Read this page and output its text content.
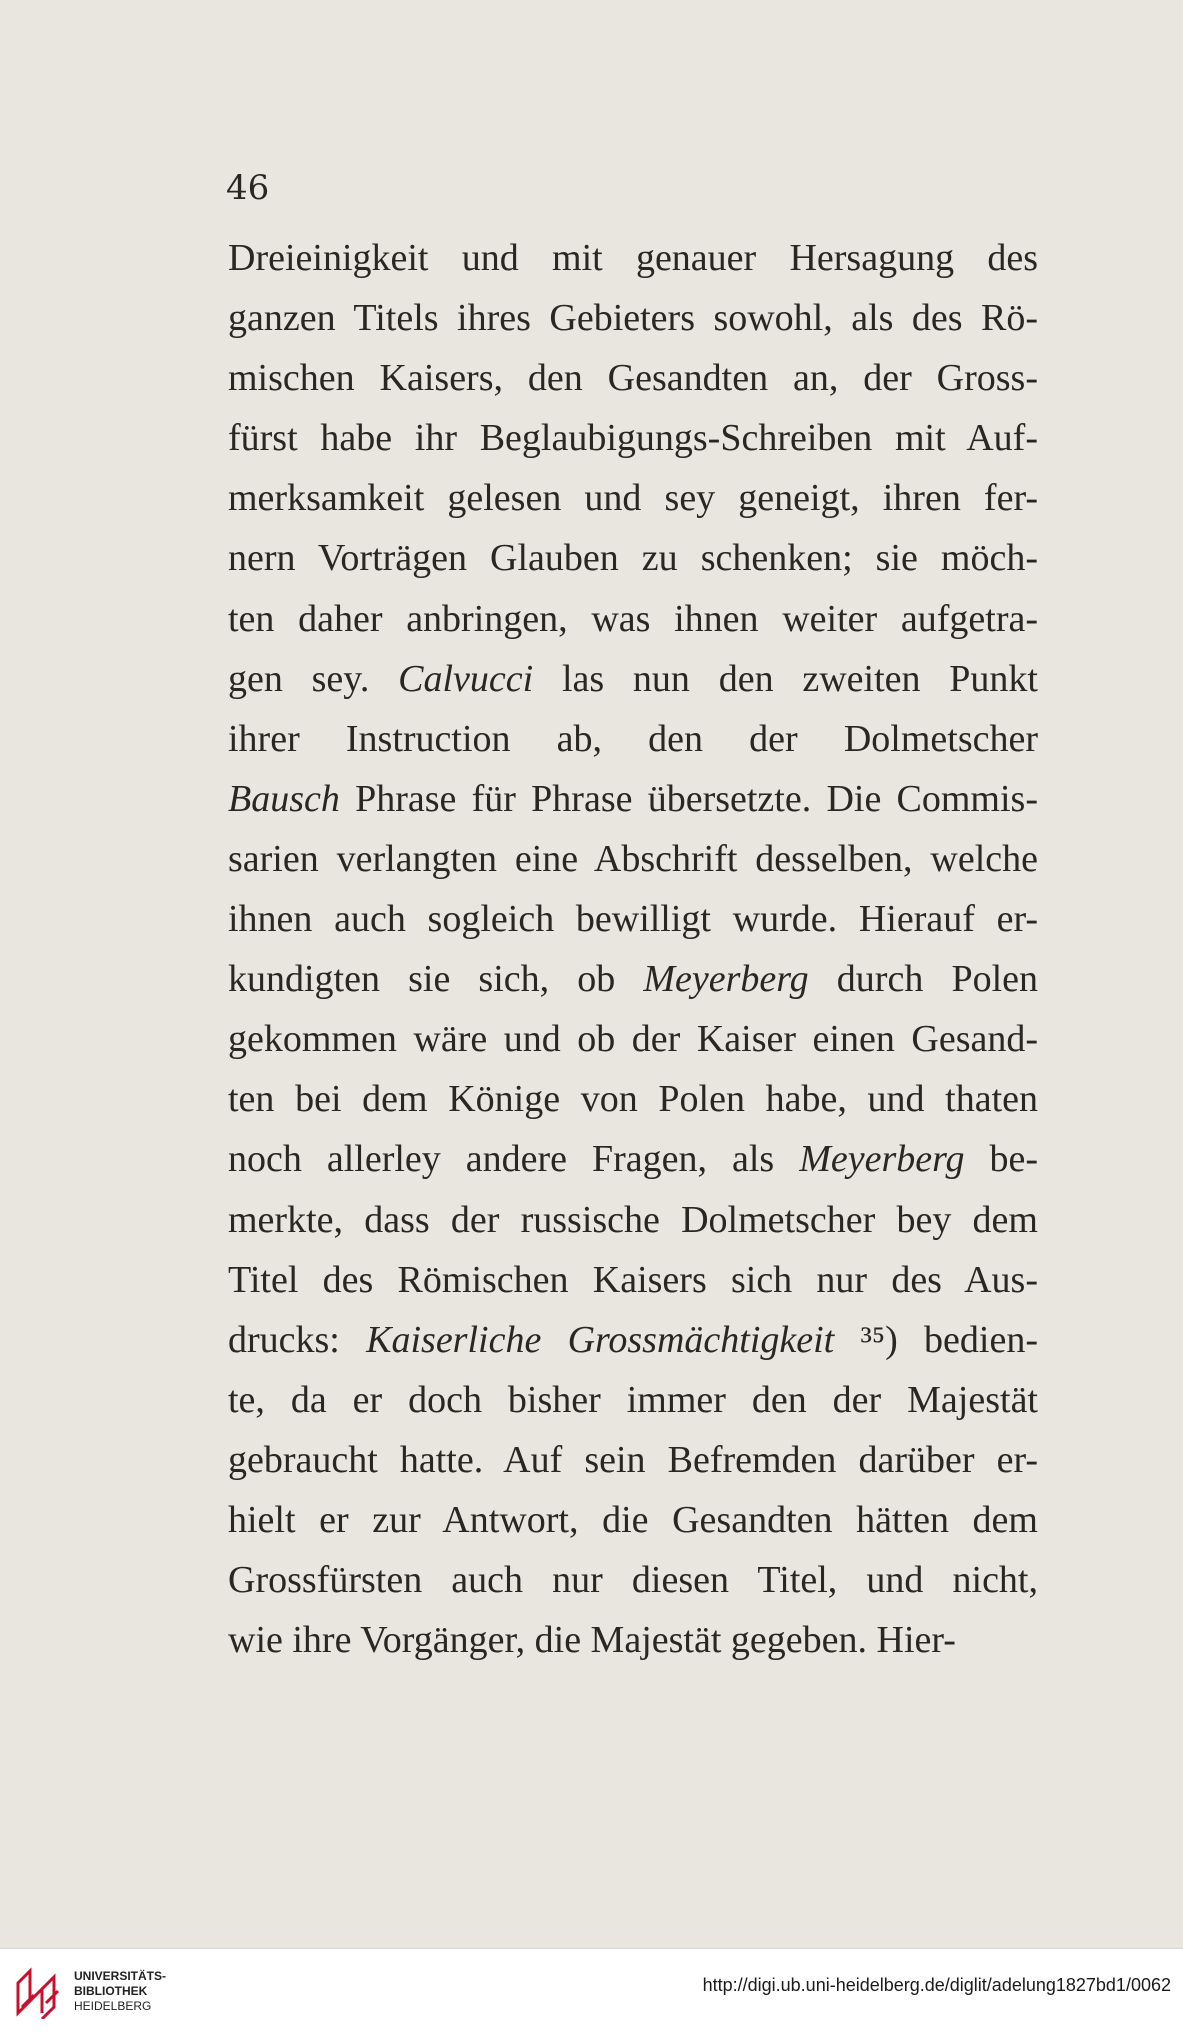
46
Dreieinigkeit und mit genauer Hersagung des
ganzen Titels ihres Gebieters sowohl, als des Rö-
mischen Kaisers, den Gesandten an, der Gross-
fürst habe ihr Beglaubigungs-Schreiben mit Auf-
merksamkeit gelesen und sey geneigt, ihren fer-
nern Vorträgen Glauben zu schenken; sie möch-
ten daher anbringen, was ihnen weiter aufgetra-
gen sey. Calvucci las nun den zweiten Punkt
ihrer Instruction ab, den der Dolmetscher
Bausch Phrase für Phrase übersetzte. Die Commis-
sarien verlangten eine Abschrift desselben, welche
ihnen auch sogleich bewilligt wurde. Hierauf er-
kundigten sie sich, ob Meyerberg durch Polen
gekommen wäre und ob der Kaiser einen Gesand-
ten bei dem Könige von Polen habe, und thaten
noch allerley andere Fragen, als Meyerberg be-
merkte, dass der russische Dolmetscher bey dem
Titel des Römischen Kaisers sich nur des Aus-
drucks: Kaiserliche Grossmächtigkeit ³⁵) bedien-
te, da er doch bisher immer den der Majestät
gebraucht hatte. Auf sein Befremden darüber er-
hielt er zur Antwort, die Gesandten hätten dem
Grossfürsten auch nur diesen Titel, und nicht,
wie ihre Vorgänger, die Majestät gegeben. Hier-
UNIVERSITÄTS-
BIBLIOTHEK
HEIDELBERG
http://digi.ub.uni-heidelberg.de/diglit/adelung1827bd1/0062
